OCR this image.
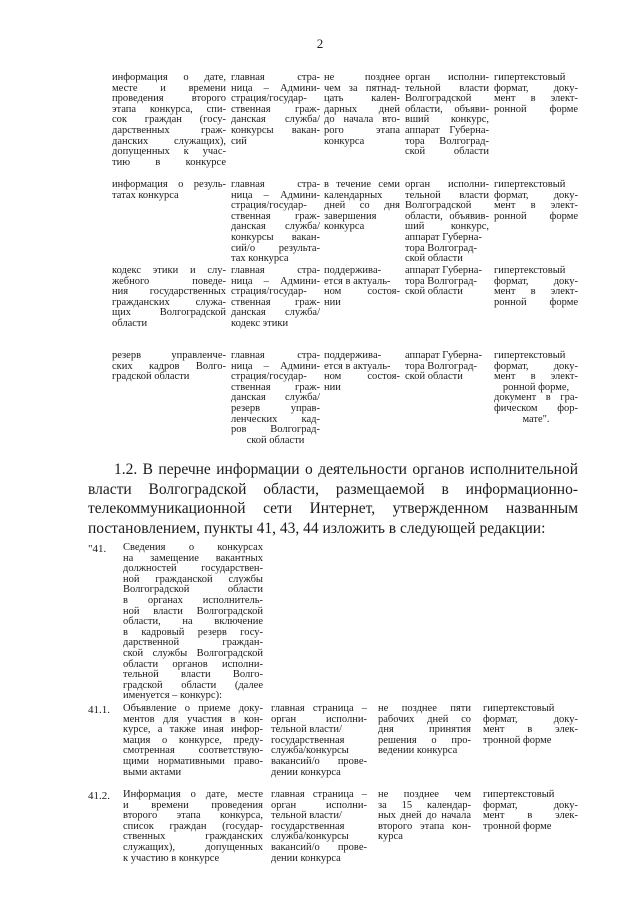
2
информация о дате,
месте и времени
проведения второго
этапа конкурса, спи-
сок граждан (госу-
дарственных граж-
данских служащих),
допущенных к учас-
тию в конкурсе
главная стра-
ница – Админи-
страция/государ-
ственная граж-
данская служба/
конкурсы вакан-
сий
не позднее
чем за пятнад-
цать кален-
дарных дней
до начала вто-
рого этапа
конкурса
орган исполни-
тельной власти
Волгоградской
области, объяви-
вший конкурс,
аппарат Губерна-
тора Волгоград-
ской области
гипертекстовый
формат, доку-
мент в элект-
ронной форме
информация о резуль-
татах конкурса
главная стра-
ница – Админи-
страция/государ-
ственная граж-
данская служба/
конкурсы вакан-
сий/о результа-
тах конкурса
в течение семи
календарных
дней со дня
завершения
конкурса
орган исполни-
тельной власти
Волгоградской
области, объявив-
ший конкурс,
аппарат Губерна-
тора Волгоград-
ской области
гипертекстовый
формат, доку-
мент в элект-
ронной форме
кодекс этики и слу-
жебного поведе-
ния государственных
гражданских служа-
щих Волгоградской
области
главная стра-
ница – Админи-
страция/государ-
ственная граж-
данская служба/
кодекс этики
поддерживa-
ется в актуаль-
ном состоя-
нии
аппарат Губерна-
тора Волгоград-
ской области
гипертекстовый
формат, доку-
мент в элект-
ронной форме
резерв управленче-
ских кадров Волго-
градской области
главная стра-
ница – Админи-
страция/государ-
ственная граж-
данская служба/
резерв управ-
ленческих кад-
ров Волгоград-
ской области
поддерживa-
ется в актуаль-
ном состоя-
нии
аппарат Губерна-
тора Волгоград-
ской области
гипертекстовый
формат, доку-
мент в элект-
ронной форме,
документ в гра-
фическом фор-
мате".
1.2. В перечне информации о деятельности органов исполнительной
власти Волгоградской области, размещаемой в информационно-
телекоммуникационной сети Интернет, утвержденном названным
постановлением, пункты 41, 43, 44 изложить в следующей редакции:
"41. Сведения о конкурсах
на замещение вакантных
должностей государствен-
ной гражданской службы
Волгоградской области
в органах исполнитель-
ной власти Волгоградской
области, на включение
в кадровый резерв госу-
дарственной граждан-
ской службы Волгоградской
области органов исполни-
тельной власти Волго-
градской области (далее
именуется – конкурс):
41.1. Объявление о приеме доку-
ментов для участия в кон-
курсе, а также иная инфор-
мация о конкурсе, преду-
смотренная соответствую-
щими нормативными право-
выми актами
главная страница –
орган исполни-
тельной власти/
государственная
служба/конкурсы
вакансий/о прове-
дении конкурса
не позднее пяти
рабочих дней со
дня принятия
решения о про-
ведении конкурса
гипертекстовый
формат, доку-
мент в элек-
тронной форме
41.2. Информация о дате, месте
и времени проведения
второго этапа конкурса,
список граждан (государ-
ственных гражданских
служащих), допущенных
к участию в конкурсе
главная страница –
орган исполни-
тельной власти/
государственная
служба/конкурсы
вакансий/о прове-
дении конкурса
не позднее чем
за 15 календар-
ных дней до начала
второго этапа кон-
курса
гипертекстовый
формат, доку-
мент в элек-
тронной форме
